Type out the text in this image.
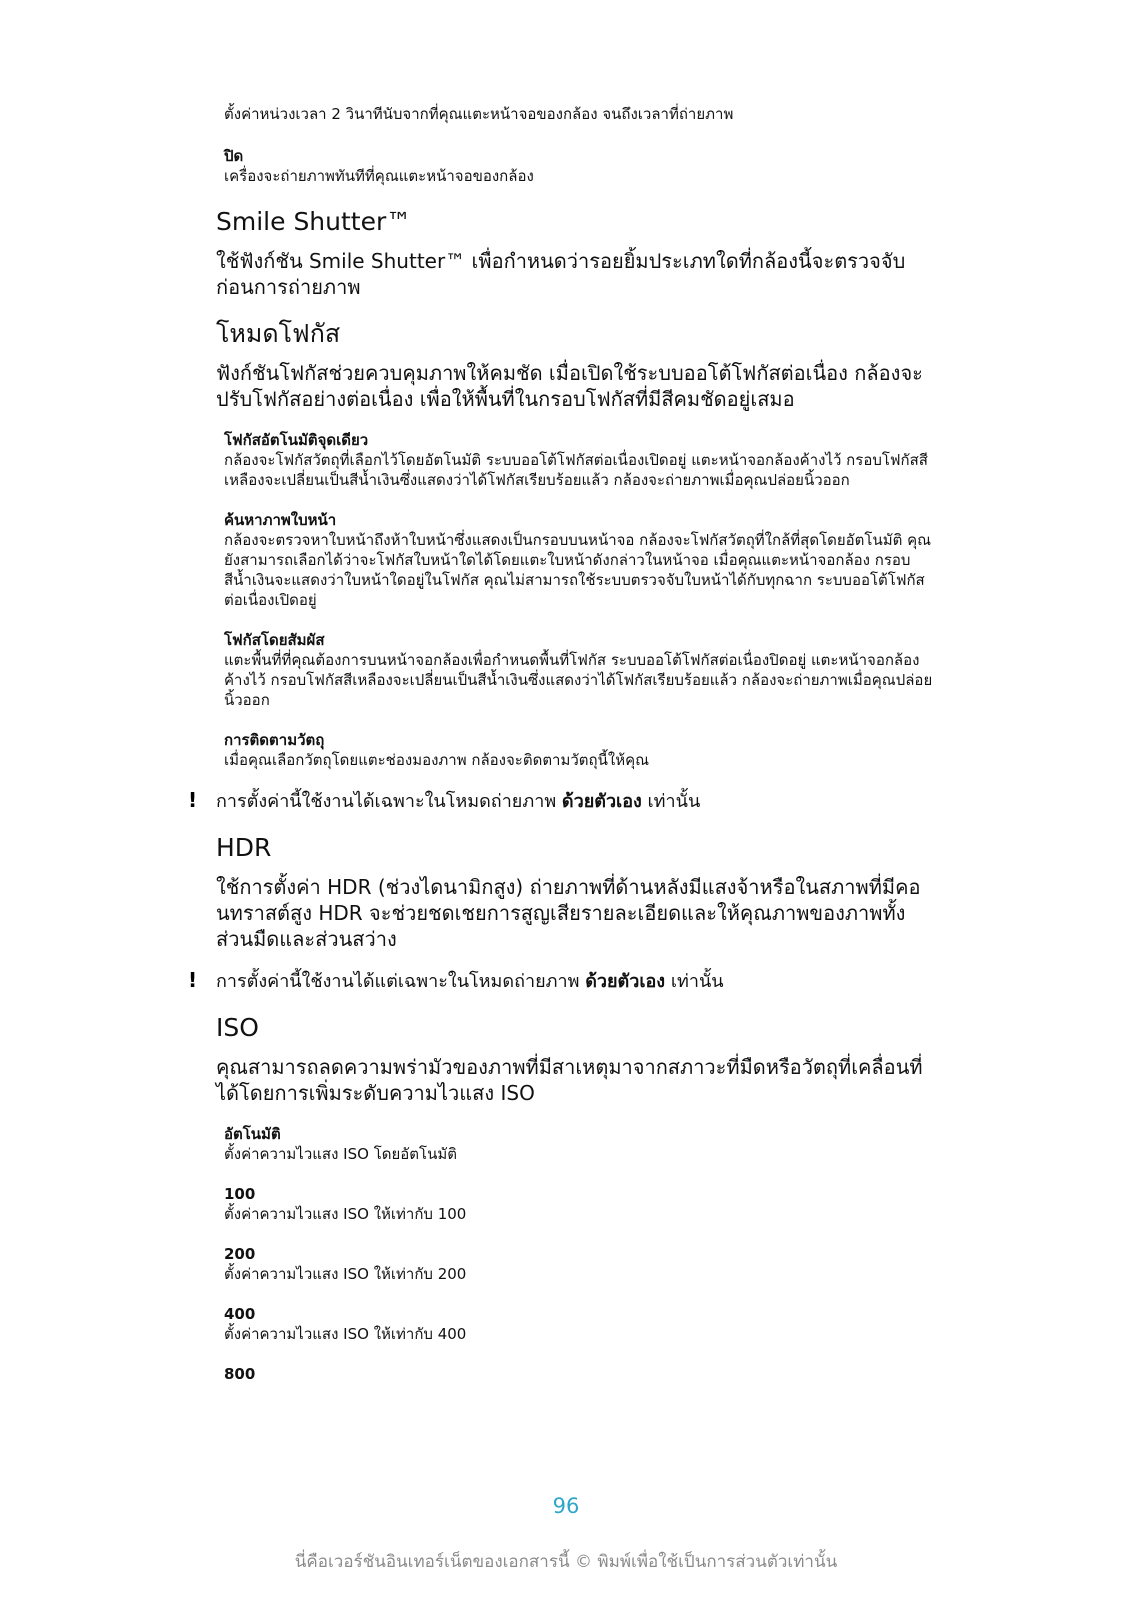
ตั้งค่าหน่วงเวลา 2 วินาทีนับจากที่คุณแตะหน้าจอของกล้อง จนถึงเวลาที่ถ่ายภาพ

ปิด

เครื่องจะถ่ายภาพทันทีที่คุณแตะหน้าจอของกล้อง

Smile Shutter™

ใช้ฟังก์ชัน Smile Shutter™ เพื่อกำหนดว่ารอยยิ้มประเภทใดที่กล้องนี้จะตรวจจับก่อนการถ่ายภาพ

โหมดโฟกัส

ฟังก์ชันโฟกัสช่วยควบคุมภาพให้คมชัด เมื่อเปิดใช้ระบบออโต้โฟกัสต่อเนื่อง กล้องจะปรับโฟกัสอย่างต่อเนื่อง เพื่อให้พื้นที่ในกรอบโฟกัสที่มีสีคมชัดอยู่เสมอ

โฟกัสอัตโนมัติจุดเดียว

กล้องจะโฟกัสวัตถุที่เลือกไว้โดยอัตโนมัติ ระบบออโต้โฟกัสต่อเนื่องเปิดอยู่ แตะหน้าจอกล้องค้างไว้ กรอบโฟกัสสีเหลืองจะเปลี่ยนเป็นสีน้ำเงินซึ่งแสดงว่าได้โฟกัสเรียบร้อยแล้ว กล้องจะถ่ายภาพเมื่อคุณปล่อยนิ้วออก

ค้นหาภาพใบหน้า

กล้องจะตรวจหาใบหน้าถึงห้าใบหน้าซึ่งแสดงเป็นกรอบบนหน้าจอ กล้องจะโฟกัสวัตถุที่ใกล้ที่สุดโดยอัตโนมัติ คุณยังสามารถเลือกได้ว่าจะโฟกัสใบหน้าใดได้โดยแตะใบหน้าดังกล่าวในหน้าจอ เมื่อคุณแตะหน้าจอกล้อง กรอบสีน้ำเงินจะแสดงว่าใบหน้าใดอยู่ในโฟกัส คุณไม่สามารถใช้ระบบตรวจจับใบหน้าได้กับทุกฉาก ระบบออโต้โฟกัสต่อเนื่องเปิดอยู่

โฟกัสโดยสัมผัส

แตะพื้นที่ที่คุณต้องการบนหน้าจอกล้องเพื่อกำหนดพื้นที่โฟกัส ระบบออโต้โฟกัสต่อเนื่องปิดอยู่ แตะหน้าจอกล้องค้างไว้ กรอบโฟกัสสีเหลืองจะเปลี่ยนเป็นสีน้ำเงินซึ่งแสดงว่าได้โฟกัสเรียบร้อยแล้ว กล้องจะถ่ายภาพเมื่อคุณปล่อยนิ้วออก

การติดตามวัตถุ

เมื่อคุณเลือกวัตถุโดยแตะช่องมองภาพ กล้องจะติดตามวัตถุนี้ให้คุณ

! การตั้งค่านี้ใช้งานได้เฉพาะในโหมดถ่ายภาพ ด้วยตัวเอง เท่านั้น

HDR

ใช้การตั้งค่า HDR (ช่วงไดนามิกสูง) ถ่ายภาพที่ด้านหลังมีแสงจ้าหรือในสภาพที่มีคอนทราสต์สูง HDR จะช่วยชดเชยการสูญเสียรายละเอียดและให้คุณภาพของภาพทั้งส่วนมืดและส่วนสว่าง

! การตั้งค่านี้ใช้งานได้แต่เฉพาะในโหมดถ่ายภาพ ด้วยตัวเอง เท่านั้น

ISO

คุณสามารถลดความพร่ามัวของภาพที่มีสาเหตุมาจากสภาวะที่มืดหรือวัตถุที่เคลื่อนที่ได้โดยการเพิ่มระดับความไวแสง ISO

อัตโนมัติ

ตั้งค่าความไวแสง ISO โดยอัตโนมัติ

100

ตั้งค่าความไวแสง ISO ให้เท่ากับ 100

200

ตั้งค่าความไวแสง ISO ให้เท่ากับ 200

400

ตั้งค่าความไวแสง ISO ให้เท่ากับ 400

800

96
นี่คือเวอร์ชันอินเทอร์เน็ตของเอกสารนี้ © พิมพ์เพื่อใช้เป็นการส่วนตัวเท่านั้น
